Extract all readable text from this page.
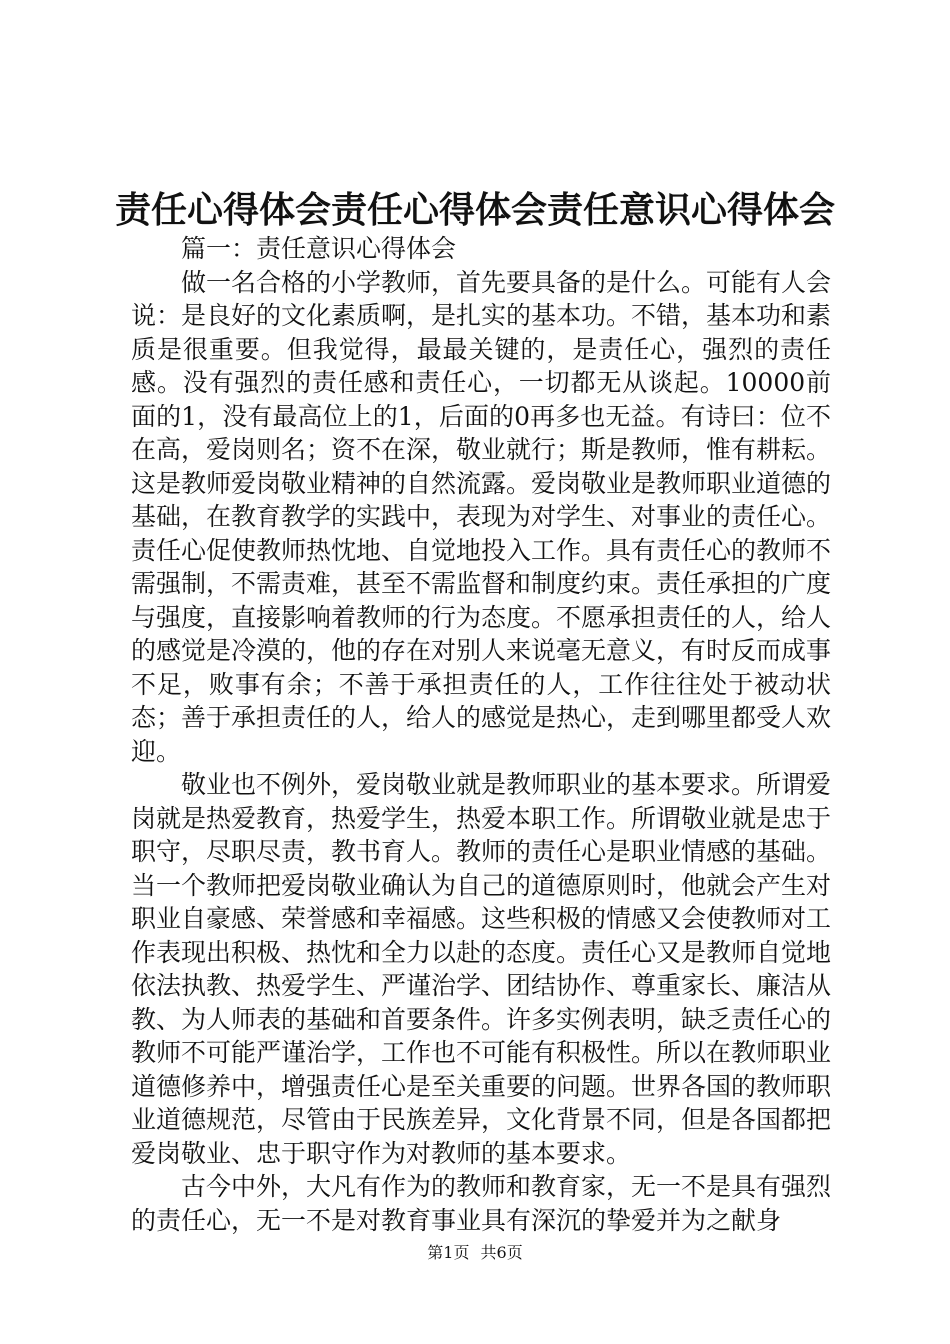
责任心得体会责任心得体会责任意识心得体会

篇一：责任意识心得体会

做一名合格的小学教师，首先要具备的是什么。可能有人会说：是良好的文化素质啊，是扎实的基本功。不错，基本功和素质是很重要。但我觉得，最最关键的，是责任心，强烈的责任感。没有强烈的责任感和责任心，一切都无从谈起。10000前面的1，没有最高位上的1，后面的0再多也无益。有诗曰：位不在高，爱岗则名；资不在深，敬业就行；斯是教师，惟有耕耘。这是教师爱岗敬业精神的自然流露。爱岗敬业是教师职业道德的基础，在教育教学的实践中，表现为对学生、对事业的责任心。责任心促使教师热忱地、自觉地投入工作。具有责任心的教师不需强制，不需责难，甚至不需监督和制度约束。责任承担的广度与强度，直接影响着教师的行为态度。不愿承担责任的人，给人的感觉是冷漠的，他的存在对别人来说毫无意义，有时反而成事不足，败事有余；不善于承担责任的人，工作往往处于被动状态；善于承担责任的人，给人的感觉是热心，走到哪里都受人欢迎。

敬业也不例外，爱岗敬业就是教师职业的基本要求。所谓爱岗就是热爱教育，热爱学生，热爱本职工作。所谓敬业就是忠于职守，尽职尽责，教书育人。教师的责任心是职业情感的基础。当一个教师把爱岗敬业确认为自己的道德原则时，他就会产生对职业自豪感、荣誉感和幸福感。这些积极的情感又会使教师对工作表现出积极、热忱和全力以赴的态度。责任心又是教师自觉地依法执教、热爱学生、严谨治学、团结协作、尊重家长、廉洁从教、为人师表的基础和首要条件。许多实例表明，缺乏责任心的教师不可能严谨治学，工作也不可能有积极性。所以在教师职业道德修养中，增强责任心是至关重要的问题。世界各国的教师职业道德规范，尽管由于民族差异，文化背景不同，但是各国都把爱岗敬业、忠于职守作为对教师的基本要求。

古今中外，大凡有作为的教师和教育家，无一不是具有强烈的责任心，无一不是对教育事业具有深沉的挚爱并为之献身

第1页 共6页
